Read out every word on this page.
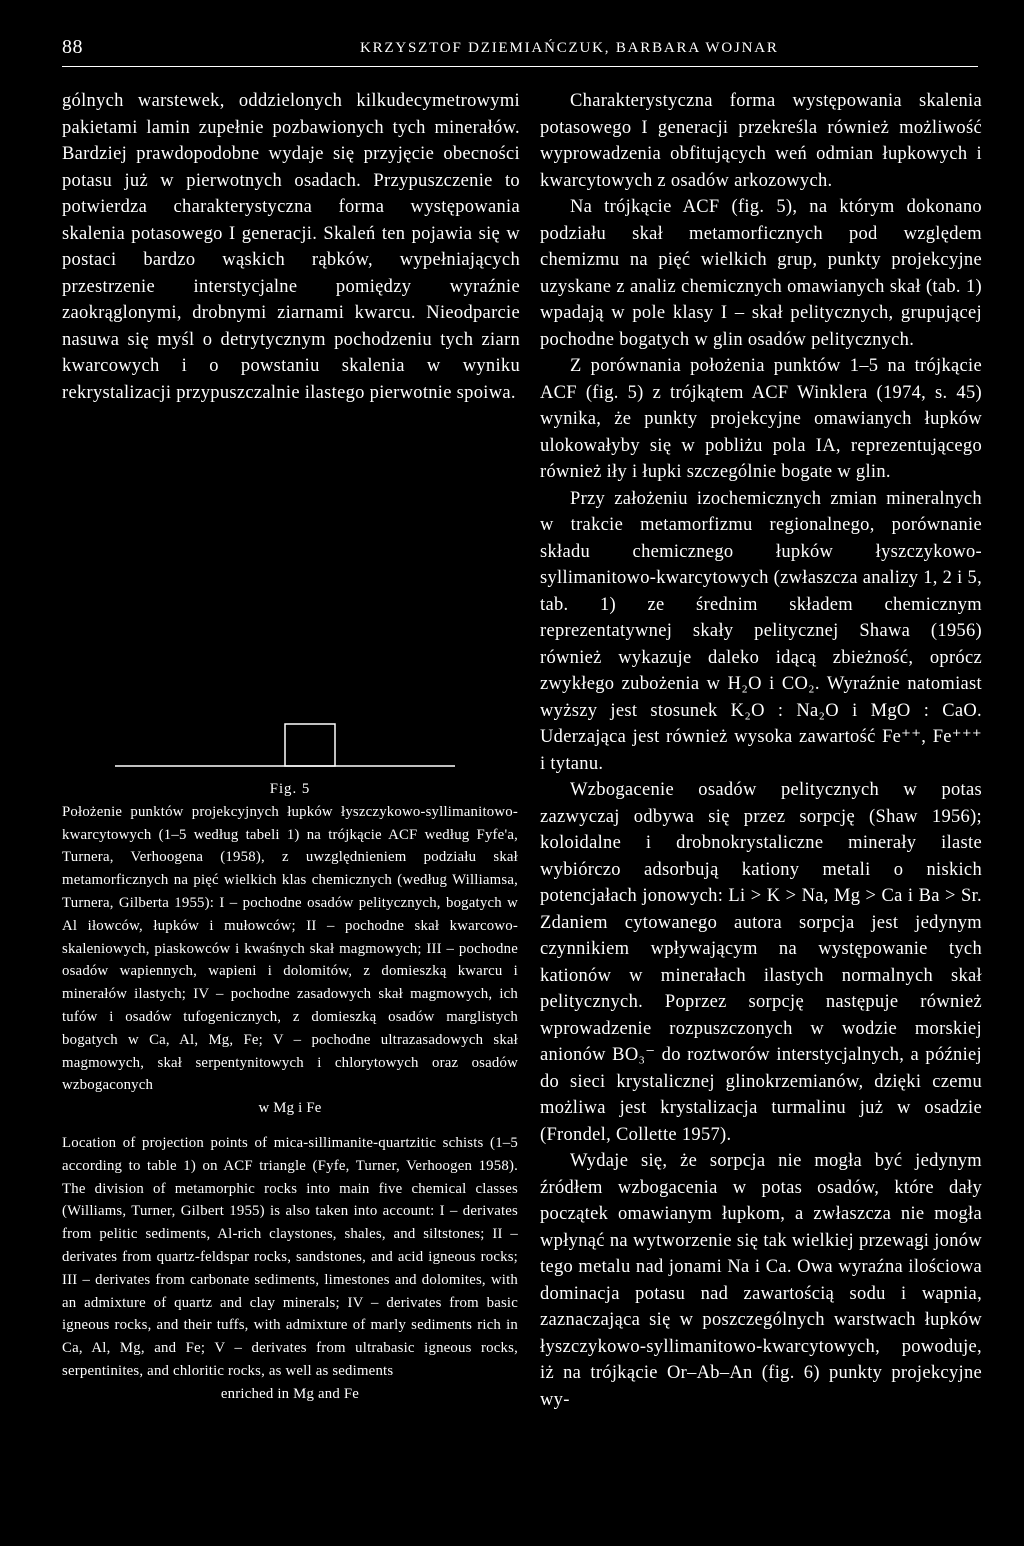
88	KRZYSZTOF DZIEMIAŃCZUK, BARBARA WOJNAR

gólnych warstewek, oddzielonych kilkudecymetrowymi pakietami lamin zupełnie pozbawionych tych minerałów. Bardziej prawdopodobne wydaje się przyjęcie obecności potasu już w pierwotnych osadach. Przypuszczenie to potwierdza charakterystyczna forma występowania skalenia potasowego I generacji. Skaleń ten pojawia się w postaci bardzo wąskich rąbków, wypełniających przestrzenie interstycjalne pomiędzy wyraźnie zaokrąglonymi, drobnymi ziarnami kwarcu. Nieodparcie nasuwa się myśl o detrytycznym pochodzeniu tych ziarn kwarcowych i o powstaniu skalenia w wyniku rekrystalizacji przypuszczalnie ilastego pierwotnie spoiwa.

Fig. 5

Położenie punktów projekcyjnych łupków łyszczykowo-syllimanitowo-kwarcytowych (1–5 według tabeli 1) na trójkącie ACF według Fyfe'a, Turnera, Verhoogena (1958), z uwzględnieniem podziału skał metamorficznych na pięć wielkich klas chemicznych (według Williamsa, Turnera, Gilberta 1955): I – pochodne osadów pelitycznych, bogatych w Al iłowców, łupków i mułowców; II – pochodne skał kwarcowo-skaleniowych, piaskowców i kwaśnych skał magmowych; III – pochodne osadów wapiennych, wapieni i dolomitów, z domieszką kwarcu i minerałów ilastych; IV – pochodne zasadowych skał magmowych, ich tufów i osadów tufogenicznych, z domieszką osadów marglistych bogatych w Ca, Al, Mg, Fe; V – pochodne ultrazasadowych skał magmowych, skał serpentynitowych i chlorytowych oraz osadów wzbogaconych

w Mg i Fe

Location of projection points of mica-sillimanite-quartzitic schists (1–5 according to table 1) on ACF triangle (Fyfe, Turner, Verhoogen 1958). The division of metamorphic rocks into main five chemical classes (Williams, Turner, Gilbert 1955) is also taken into account: I – derivates from pelitic sediments, Al-rich claystones, shales, and siltstones; II – derivates from quartz-feldspar rocks, sandstones, and acid igneous rocks; III – derivates from carbonate sediments, limestones and dolomites, with an admixture of quartz and clay minerals; IV – derivates from basic igneous rocks, and their tuffs, with admixture of marly sediments rich in Ca, Al, Mg, and Fe; V – derivates from ultrabasic igneous rocks, serpentinites, and chloritic rocks, as well as sediments

enriched in Mg and Fe

Charakterystyczna forma występowania skalenia potasowego I generacji przekreśla również możliwość wyprowadzenia obfitujących weń odmian łupkowych i kwarcytowych z osadów arkozowych.

Na trójkącie ACF (fig. 5), na którym dokonano podziału skał metamorficznych pod względem chemizmu na pięć wielkich grup, punkty projekcyjne uzyskane z analiz chemicznych omawianych skał (tab. 1) wpadają w pole klasy I – skał pelitycznych, grupującej pochodne bogatych w glin osadów pelitycznych.

Z porównania położenia punktów 1–5 na trójkącie ACF (fig. 5) z trójkątem ACF Winklera (1974, s. 45) wynika, że punkty projekcyjne omawianych łupków ulokowałyby się w pobliżu pola IA, reprezentującego również iły i łupki szczególnie bogate w glin.

Przy założeniu izochemicznych zmian mineralnych w trakcie metamorfizmu regionalnego, porównanie składu chemicznego łupków łyszczykowo-syllimanitowo-kwarcytowych (zwłaszcza analizy 1, 2 i 5, tab. 1) ze średnim składem chemicznym reprezentatywnej skały pelitycznej Shawa (1956) również wykazuje daleko idącą zbieżność, oprócz zwykłego zubożenia w H₂O i CO₂. Wyraźnie natomiast wyższy jest stosunek K₂O : Na₂O i MgO : CaO. Uderzająca jest również wysoka zawartość Fe⁺⁺, Fe⁺⁺⁺ i tytanu.

Wzbogacenie osadów pelitycznych w potas zazwyczaj odbywa się przez sorpcję (Shaw 1956); koloidalne i drobnokrystaliczne minerały ilaste wybiórczo adsorbują kationy metali o niskich potencjałach jonowych: Li > K > Na, Mg > Ca i Ba > Sr. Zdaniem cytowanego autora sorpcja jest jedynym czynnikiem wpływającym na występowanie tych kationów w minerałach ilastych normalnych skał pelitycznych. Poprzez sorpcję następuje również wprowadzenie rozpuszczonych w wodzie morskiej anionów BO₃⁻ do roztworów interstycjalnych, a później do sieci krystalicznej glinokrzemianów, dzięki czemu możliwa jest krystalizacja turmalinu już w osadzie (Frondel, Collette 1957).

Wydaje się, że sorpcja nie mogła być jedynym źródłem wzbogacenia w potas osadów, które dały początek omawianym łupkom, a zwłaszcza nie mogła wpłynąć na wytworzenie się tak wielkiej przewagi jonów tego metalu nad jonami Na i Ca. Owa wyraźna ilościowa dominacja potasu nad zawartością sodu i wapnia, zaznaczająca się w poszczególnych warstwach łupków łyszczykowo-syllimanitowo-kwarcytowych, powoduje, iż na trójkącie Or–Ab–An (fig. 6) punkty projekcyjne wy-
